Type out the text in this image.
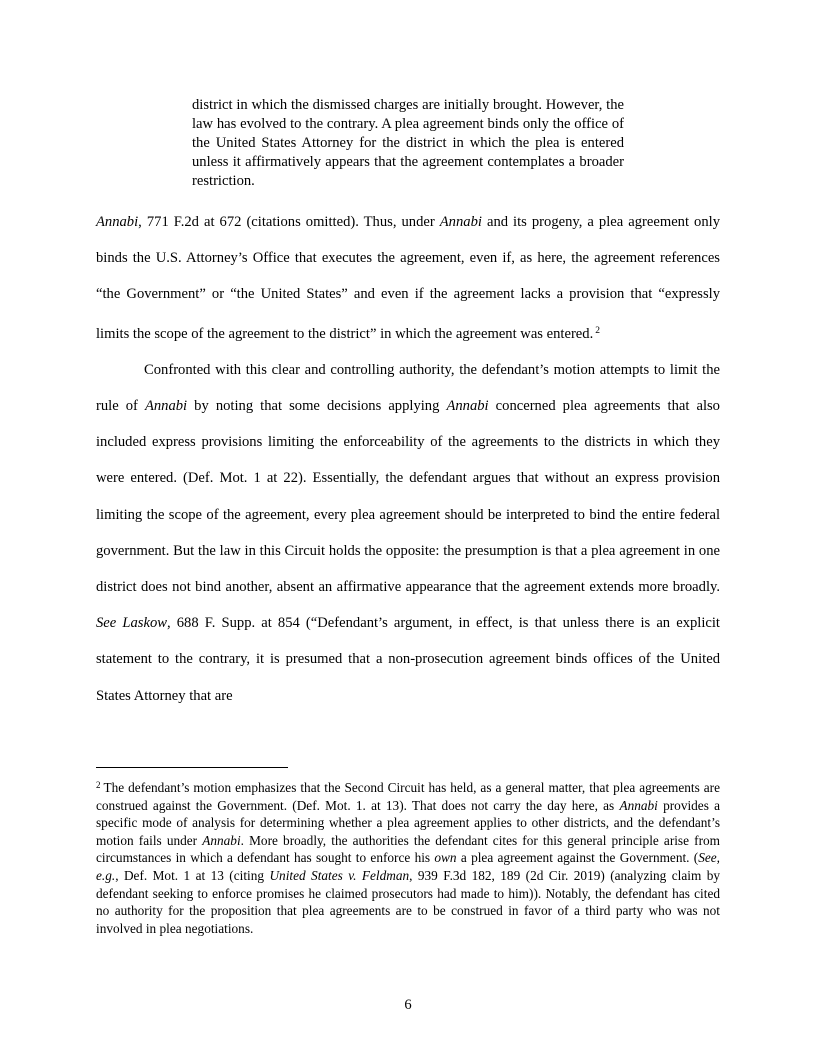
district in which the dismissed charges are initially brought. However, the law has evolved to the contrary. A plea agreement binds only the office of the United States Attorney for the district in which the plea is entered unless it affirmatively appears that the agreement contemplates a broader restriction.

Annabi, 771 F.2d at 672 (citations omitted). Thus, under Annabi and its progeny, a plea agreement only binds the U.S. Attorney’s Office that executes the agreement, even if, as here, the agreement references “the Government” or “the United States” and even if the agreement lacks a provision that “expressly limits the scope of the agreement to the district” in which the agreement was entered. $^2$

Confronted with this clear and controlling authority, the defendant’s motion attempts to limit the rule of Annabi by noting that some decisions applying Annabi concerned plea agreements that also included express provisions limiting the enforceability of the agreements to the districts in which they were entered. (Def. Mot. 1 at 22). Essentially, the defendant argues that without an express provision limiting the scope of the agreement, every plea agreement should be interpreted to bind the entire federal government. But the law in this Circuit holds the opposite: the presumption is that a plea agreement in one district does not bind another, absent an affirmative appearance that the agreement extends more broadly. See Laskow, 688 F. Supp. at 854 (“Defendant’s argument, in effect, is that unless there is an explicit statement to the contrary, it is presumed that a non-prosecution agreement binds offices of the United States Attorney that are

$^2$ The defendant’s motion emphasizes that the Second Circuit has held, as a general matter, that plea agreements are construed against the Government. (Def. Mot. 1. at 13). That does not carry the day here, as Annabi provides a specific mode of analysis for determining whether a plea agreement applies to other districts, and the defendant’s motion fails under Annabi. More broadly, the authorities the defendant cites for this general principle arise from circumstances in which a defendant has sought to enforce his own a plea agreement against the Government. (See, e.g., Def. Mot. 1 at 13 (citing United States v. Feldman, 939 F.3d 182, 189 (2d Cir. 2019) (analyzing claim by defendant seeking to enforce promises he claimed prosecutors had made to him)). Notably, the defendant has cited no authority for the proposition that plea agreements are to be construed in favor of a third party who was not involved in plea negotiations.

6
